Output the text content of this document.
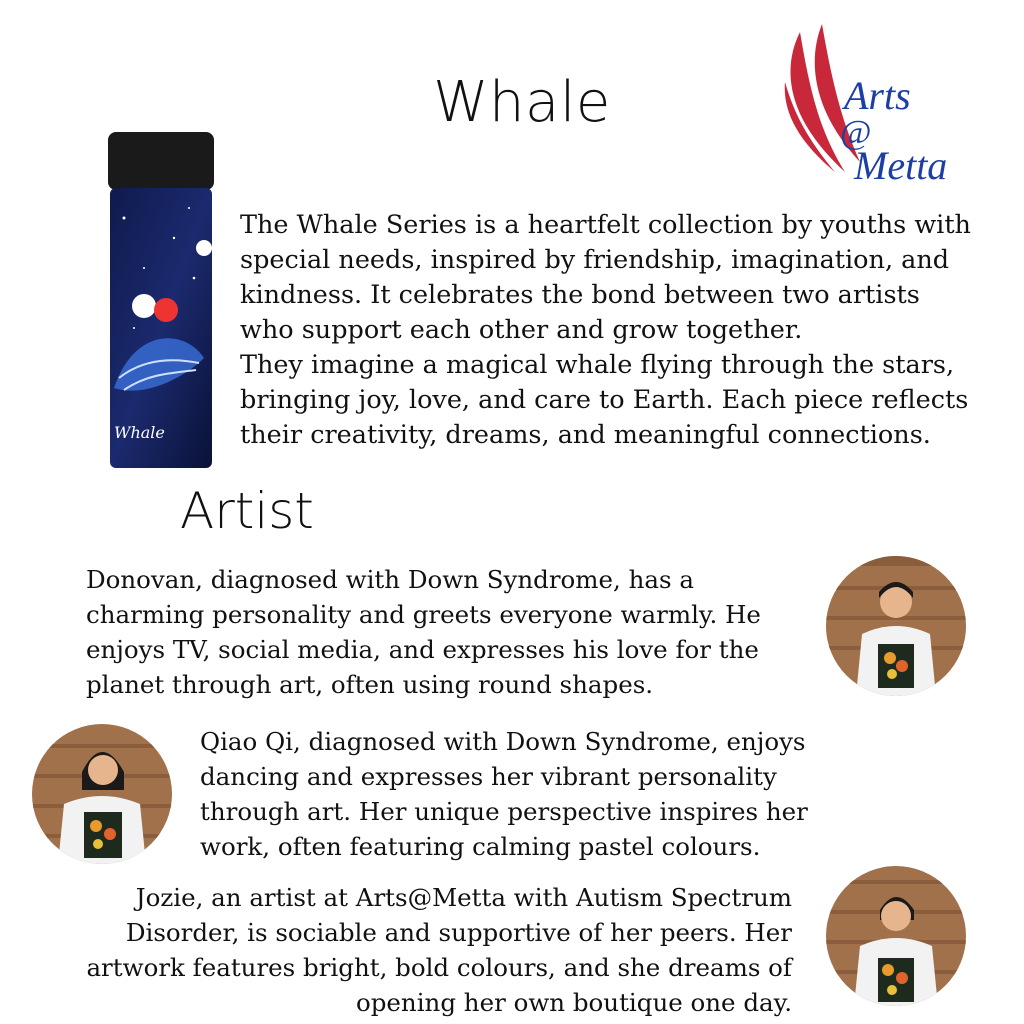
Whale	Arts
@
Metta
Whale

The Whale Series is a heartfelt collection by youths with special needs, inspired by friendship, imagination, and kindness. It celebrates the bond between two artists who support each other and grow together.

They imagine a magical whale flying through the stars, bringing joy, love, and care to Earth. Each piece reflects their creativity, dreams, and meaningful connections.

Artist
Donovan, diagnosed with Down Syndrome, has a charming personality and greets everyone warmly. He enjoys TV, social media, and expresses his love for the planet through art, often using round shapes.
Qiao Qi, diagnosed with Down Syndrome, enjoys dancing and expresses her vibrant personality through art. Her unique perspective inspires her work, often featuring calming pastel colours.
Jozie, an artist at Arts@Metta with Autism Spectrum Disorder, is sociable and supportive of her peers. Her artwork features bright, bold colours, and she dreams of opening her own boutique one day.
